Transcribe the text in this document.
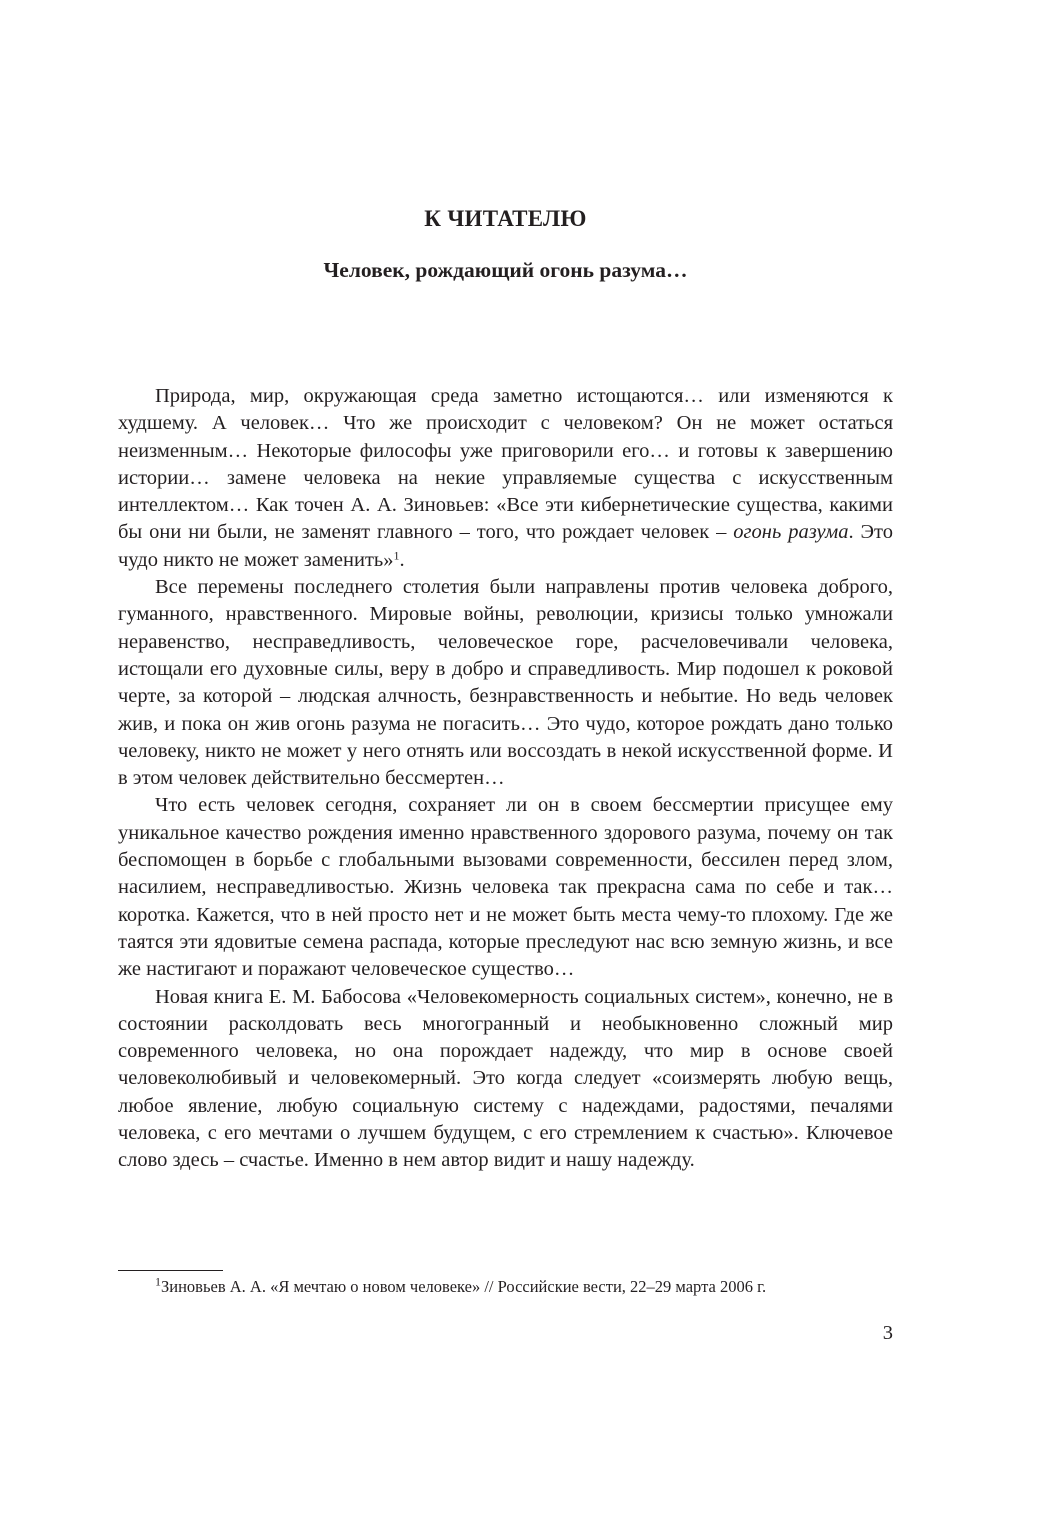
К ЧИТАТЕЛЮ
Человек, рождающий огонь разума…

Природа, мир, окружающая среда заметно истощаются… или изменяются к худшему. А человек… Что же происходит с человеком? Он не может остаться неизменным… Некоторые философы уже приговорили его… и готовы к завершению истории… замене человека на некие управляемые существа с искусственным интеллектом… Как точен А. А. Зиновьев: «Все эти кибернетические существа, какими бы они ни были, не заменят главного – того, что рождает человек – огонь разума. Это чудо никто не может заменить»$^1$.

Все перемены последнего столетия были направлены против человека доброго, гуманного, нравственного. Мировые войны, революции, кризисы только умножали неравенство, несправедливость, человеческое горе, расчеловечивали человека, истощали его духовные силы, веру в добро и справедливость. Мир подошел к роковой черте, за которой – людская алчность, безнравственность и небытие. Но ведь человек жив, и пока он жив огонь разума не погасить… Это чудо, которое рождать дано только человеку, никто не может у него отнять или воссоздать в некой искусственной форме. И в этом человек действительно бессмертен…

Что есть человек сегодня, сохраняет ли он в своем бессмертии присущее ему уникальное качество рождения именно нравственного здорового разума, почему он так беспомощен в борьбе с глобальными вызовами современности, бессилен перед злом, насилием, несправедливостью. Жизнь человека так прекрасна сама по себе и так… коротка. Кажется, что в ней просто нет и не может быть места чему-то плохому. Где же таятся эти ядовитые семена распада, которые преследуют нас всю земную жизнь, и все же настигают и поражают человеческое существо…

Новая книга Е. М. Бабосова «Человекомерность социальных систем», конечно, не в состоянии расколдовать весь многогранный и необыкновенно сложный мир современного человека, но она порождает надежду, что мир в основе своей человеколюбивый и человекомерный. Это когда следует «соизмерять любую вещь, любое явление, любую социальную систему с надеждами, радостями, печалями человека, с его мечтами о лучшем будущем, с его стремлением к счастью». Ключевое слово здесь – счастье. Именно в нем автор видит и нашу надежду.

$^1$Зиновьев А. А. «Я мечтаю о новом человеке» // Российские вести, 22–29 марта 2006 г.

3
